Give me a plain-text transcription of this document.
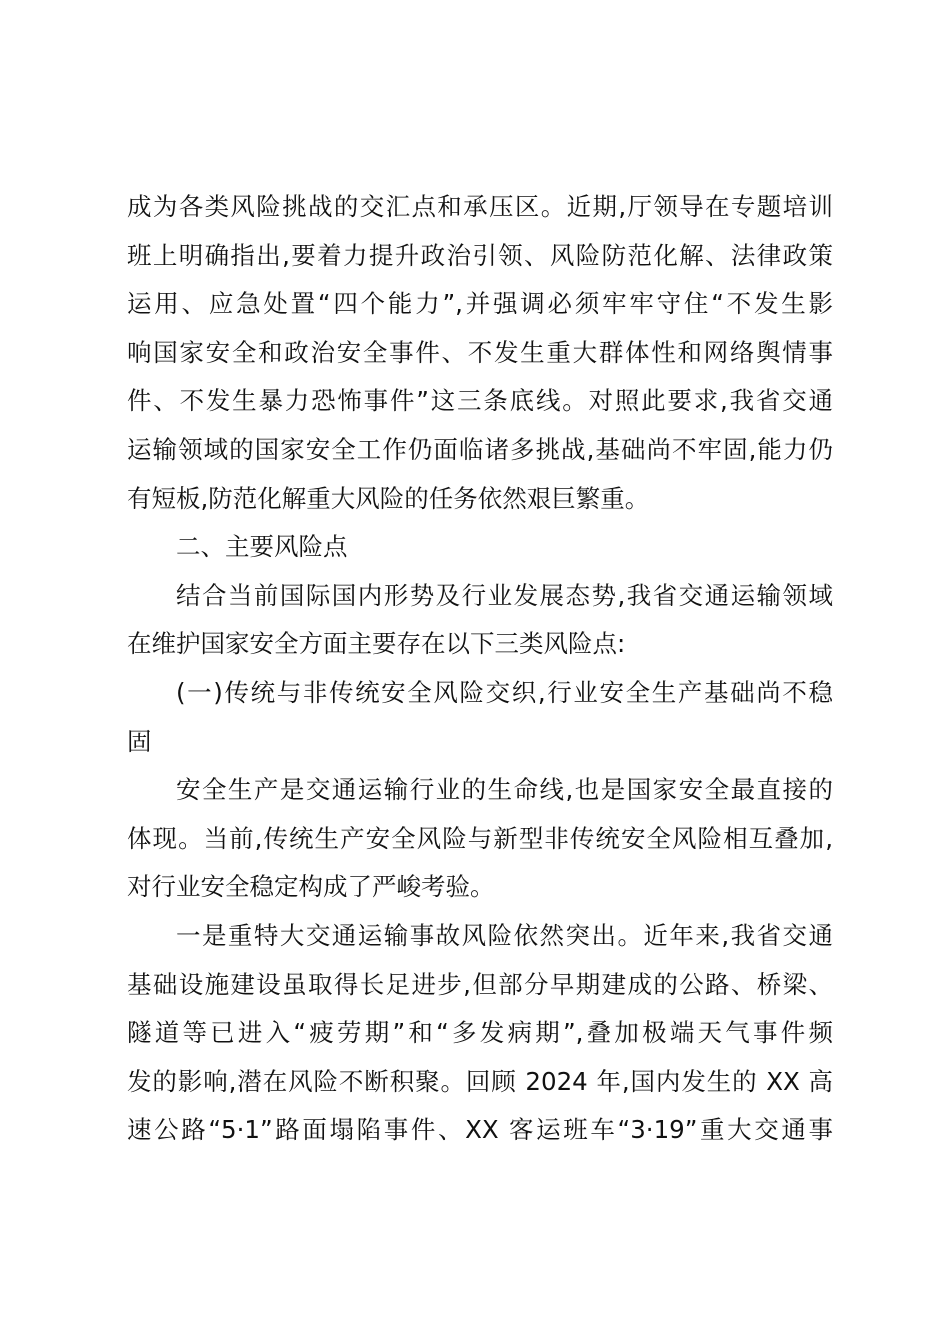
成为各类风险挑战的交汇点和承压区。近期,厅领导在专题培训
班上明确指出,要着力提升政治引领、风险防范化解、法律政策
运用、应急处置“四个能力”,并强调必须牢牢守住“不发生影
响国家安全和政治安全事件、不发生重大群体性和网络舆情事
件、不发生暴力恐怖事件”这三条底线。对照此要求,我省交通
运输领域的国家安全工作仍面临诸多挑战,基础尚不牢固,能力仍
有短板,防范化解重大风险的任务依然艰巨繁重。
二、主要风险点
结合当前国际国内形势及行业发展态势,我省交通运输领域
在维护国家安全方面主要存在以下三类风险点:
(一)传统与非传统安全风险交织,行业安全生产基础尚不稳
固
安全生产是交通运输行业的生命线,也是国家安全最直接的
体现。当前,传统生产安全风险与新型非传统安全风险相互叠加,
对行业安全稳定构成了严峻考验。
一是重特大交通运输事故风险依然突出。近年来,我省交通
基础设施建设虽取得长足进步,但部分早期建成的公路、桥梁、
隧道等已进入“疲劳期”和“多发病期”,叠加极端天气事件频
发的影响,潜在风险不断积聚。回顾 2024 年,国内发生的 XX 高
速公路“5·1”路面塌陷事件、XX 客运班车“3·19”重大交通事
